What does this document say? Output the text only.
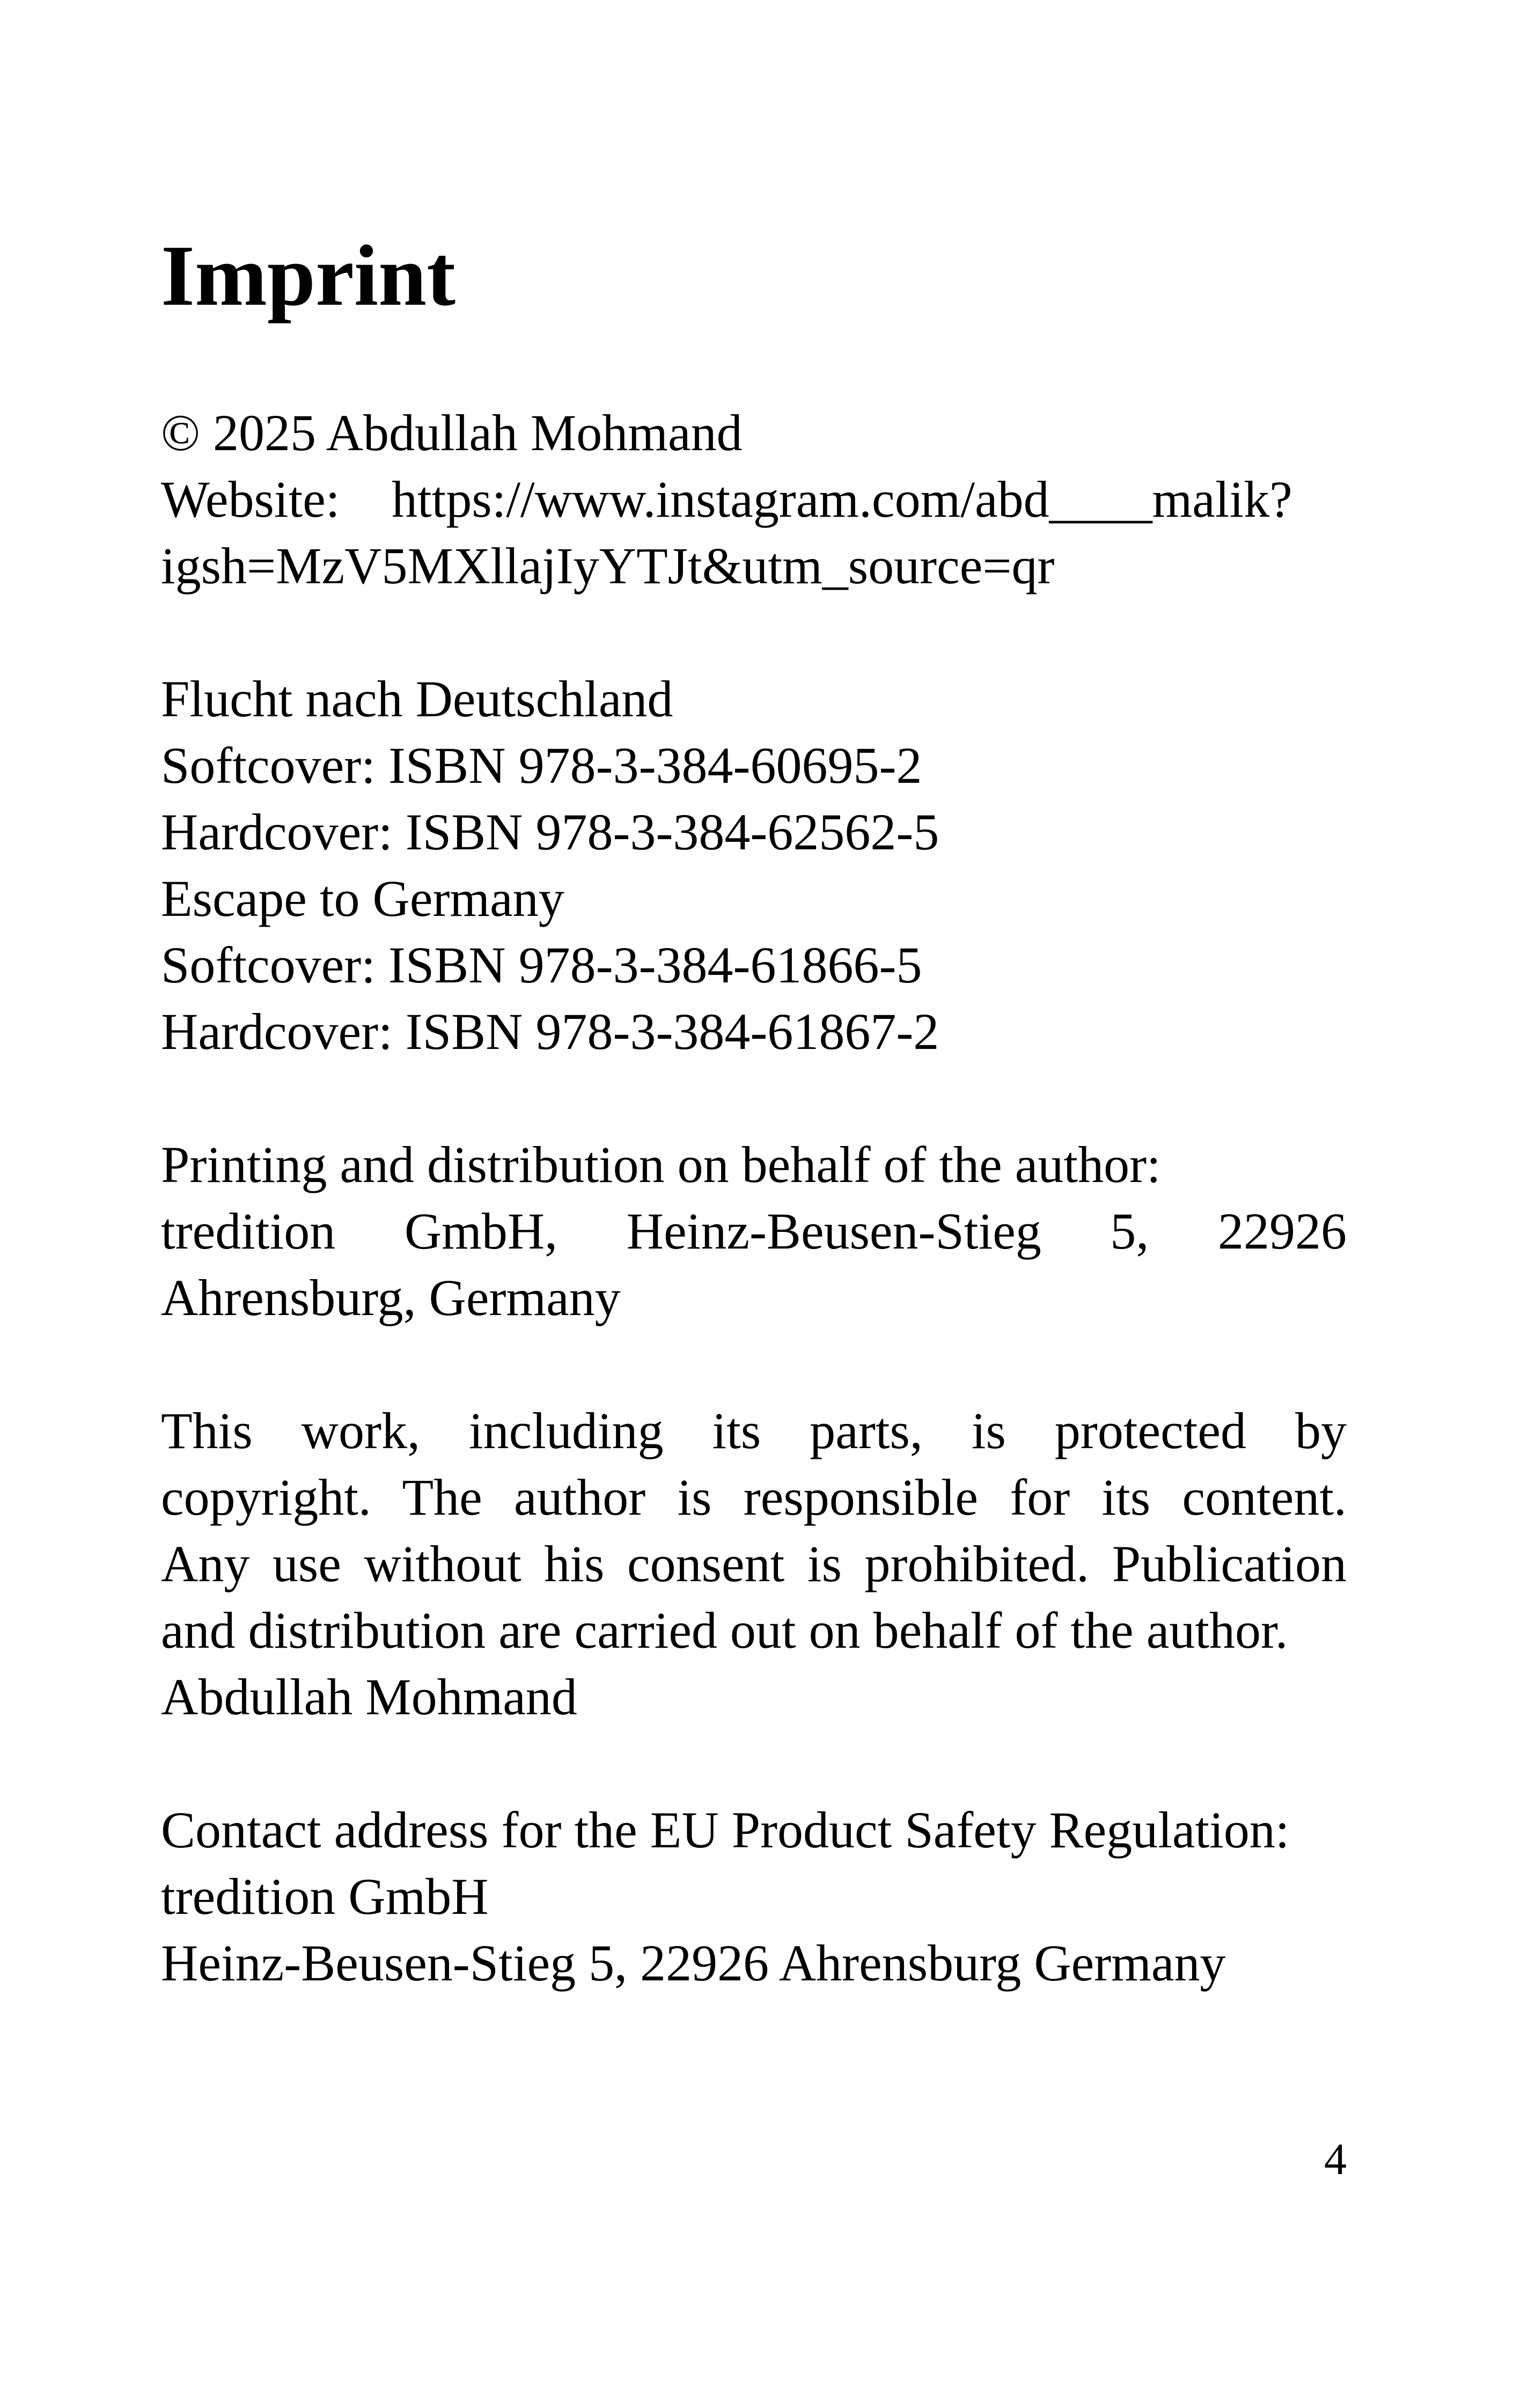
Imprint
© 2025 Abdullah Mohmand
Website: https://www.instagram.com/abd____malik?
igsh=MzV5MXllajIyYTJt&utm_source=qr
Flucht nach Deutschland
Softcover: ISBN 978-3-384-60695-2
Hardcover: ISBN 978-3-384-62562-5
Escape to Germany
Softcover: ISBN 978-3-384-61866-5
Hardcover: ISBN 978-3-384-61867-2
Printing and distribution on behalf of the author:
tredition GmbH, Heinz-Beusen-Stieg 5, 22926
Ahrensburg, Germany
This work, including its parts, is protected by
copyright. The author is responsible for its content.
Any use without his consent is prohibited. Publication
and distribution are carried out on behalf of the author.
Abdullah Mohmand
Contact address for the EU Product Safety Regulation:
tredition GmbH
Heinz-Beusen-Stieg 5, 22926 Ahrensburg Germany
4
